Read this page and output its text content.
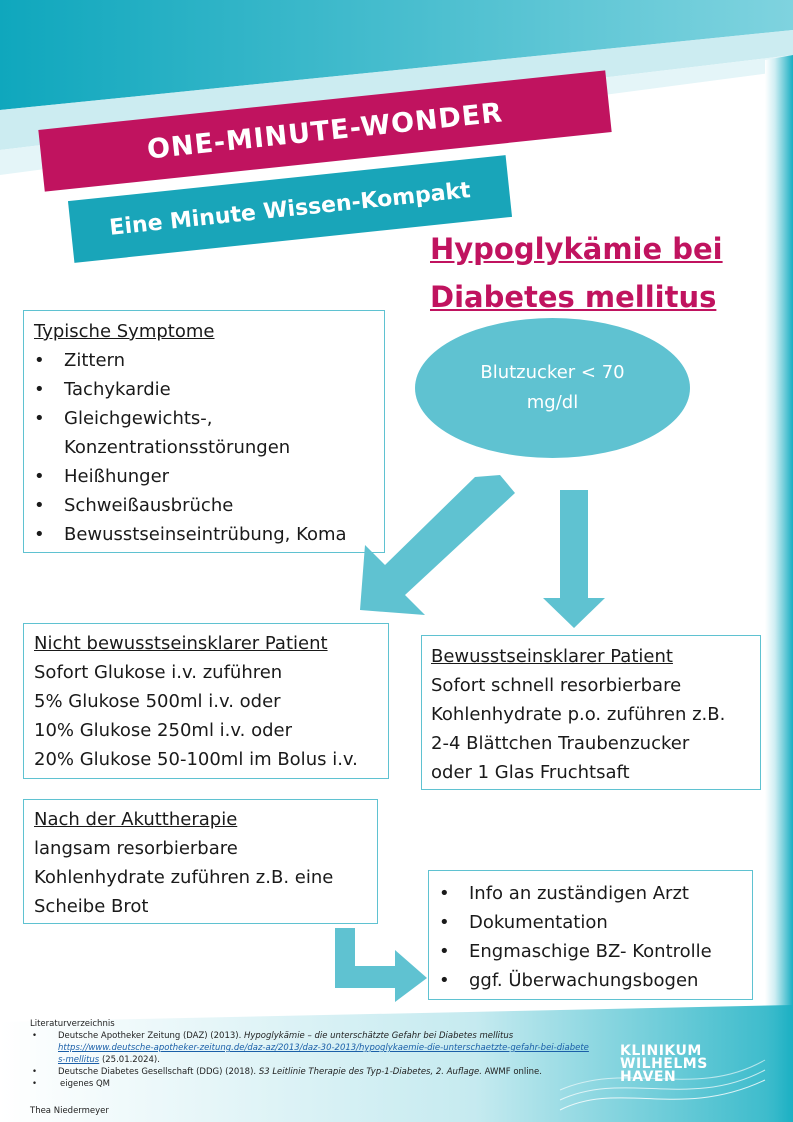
Eine Minute Wissen-Kompakt
ONE-MINUTE-WONDER
Hypoglykämie bei
Diabetes mellitus
Blutzucker < 70
mg/dl
Typische Symptome
• Zittern
• Tachykardie
• Gleichgewichts-,
Konzentrationsstörungen
• Heißhunger
• Schweißausbrüche
• Bewusstseinseintrübung, Koma
Nicht bewusstseinsklarer Patient
Sofort Glukose i.v. zuführen
5% Glukose 500ml i.v. oder
10% Glukose 250ml i.v. oder
20% Glukose 50-100ml im Bolus i.v.
Bewusstseinsklarer Patient
Sofort schnell resorbierbare
Kohlenhydrate p.o. zuführen z.B.
2-4 Blättchen Traubenzucker
oder 1 Glas Fruchtsaft
Nach der Akuttherapie
langsam resorbierbare
Kohlenhydrate zuführen z.B. eine
Scheibe Brot
• Info an zuständigen Arzt
• Dokumentation
• Engmaschige BZ- Kontrolle
• ggf. Überwachungsbogen
Literaturverzeichnis
• Deutsche Apotheker Zeitung (DAZ) (2013). Hypoglykämie – die unterschätzte Gefahr bei Diabetes mellitus
https://www.deutsche-apotheker-zeitung.de/daz-az/2013/daz-30-2013/hypoglykaemie-die-unterschaetzte-gefahr-bei-diabetes-mellitus (25.01.2024).
• Deutsche Diabetes Gesellschaft (DDG) (2018). S3 Leitlinie Therapie des Typ-1-Diabetes, 2. Auflage. AWMF online.
• eigenes QM
Thea Niedermeyer
KLINIKUM
WILHELMS
HAVEN
